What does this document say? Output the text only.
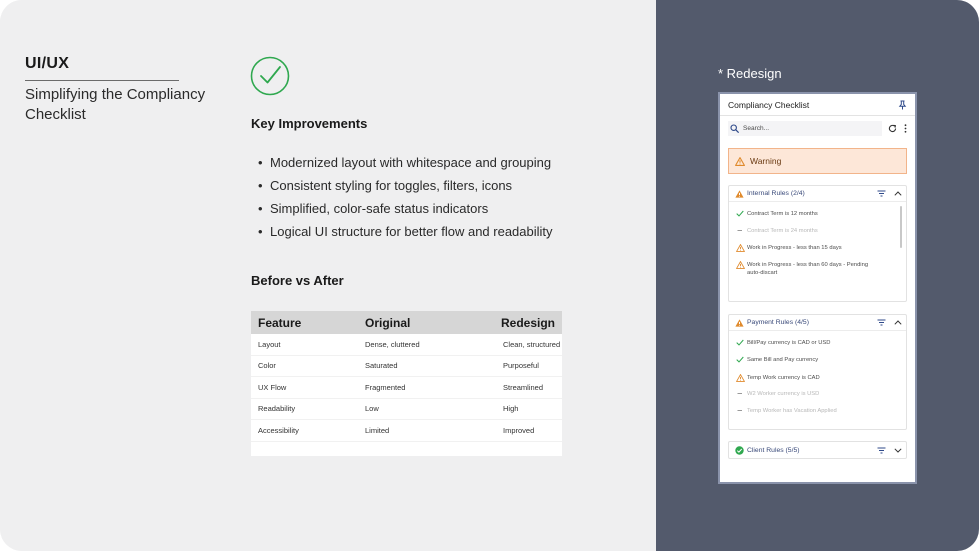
UI/UX
Simplifying the Compliancy Checklist
Key Improvements
• Modernized layout with whitespace and grouping
• Consistent styling for toggles, filters, icons
• Simplified, color-safe status indicators
• Logical UI structure for better flow and readability
Before vs After
Feature	Original	Redesign
Layout	Dense, cluttered	Clean, structured
Color	Saturated	Purposeful
UX Flow	Fragmented	Streamlined
Readability	Low	High
Accessibility	Limited	Improved
* Redesign
Compliancy Checklist
Search...
Warning
Internal Rules (2/4)
Contract Term is 12 months
Contract Term is 24 months
Work in Progress - less than 15 days
Work in Progress - less than 60 days - Pending auto-discart
Payment Rules (4/5)
Bill/Pay currency is CAD or USD
Same Bill and Pay currency
Temp Work currency is CAD
W2 Worker currency is USD
Temp Worker has Vacation Applied
Client Rules (5/5)
